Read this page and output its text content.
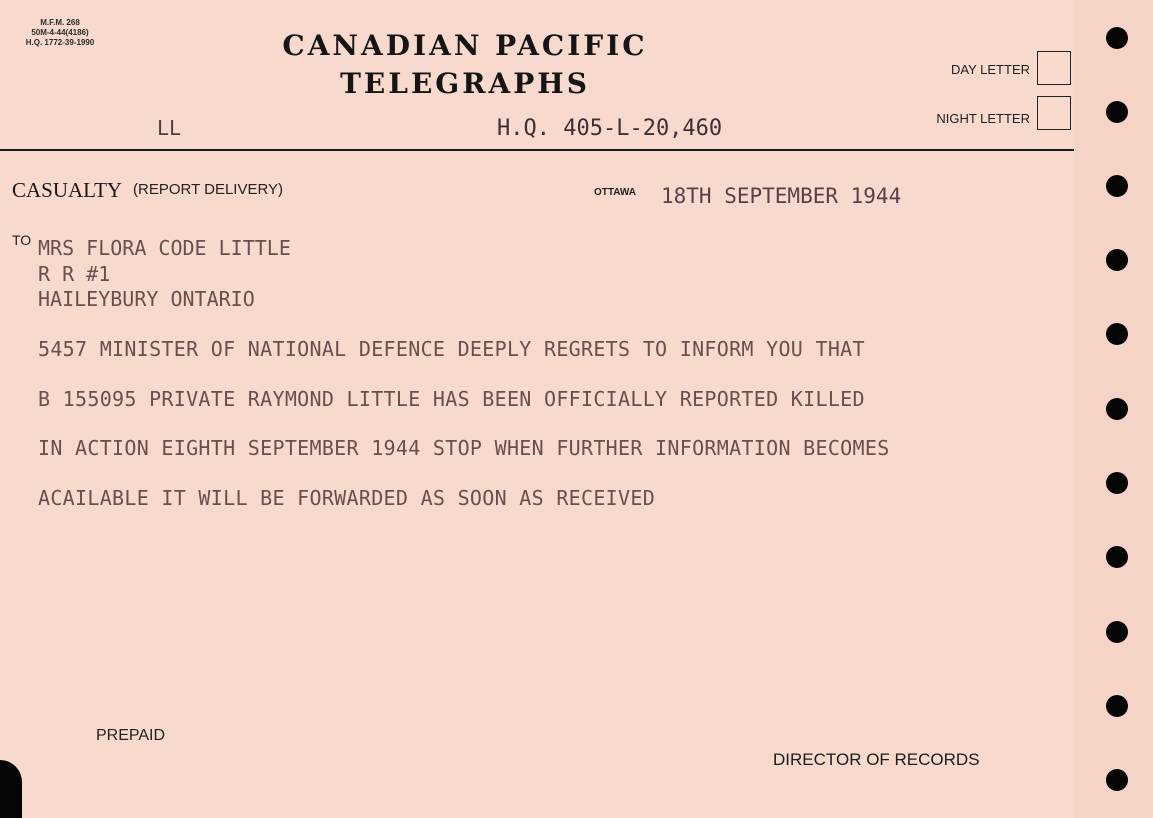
M.F.M. 268
50M-4-44(4186)
H.Q. 1772-39-1990	CANADIAN PACIFIC
TELEGRAPHS	DAY LETTER
NIGHT LETTER
LL	H.Q. 405-L-20,460
CASUALTY (REPORT DELIVERY)	OTTAWA 18TH SEPTEMBER 1944
TO MRS FLORA CODE LITTLE
R R #1
HAILEYBURY ONTARIO
5457 MINISTER OF NATIONAL DEFENCE DEEPLY REGRETS TO INFORM YOU THAT
B 155095 PRIVATE RAYMOND LITTLE HAS BEEN OFFICIALLY REPORTED KILLED
IN ACTION EIGHTH SEPTEMBER 1944 STOP WHEN FURTHER INFORMATION BECOMES
ACAILABLE IT WILL BE FORWARDED AS SOON AS RECEIVED
PREPAID
DIRECTOR OF RECORDS
